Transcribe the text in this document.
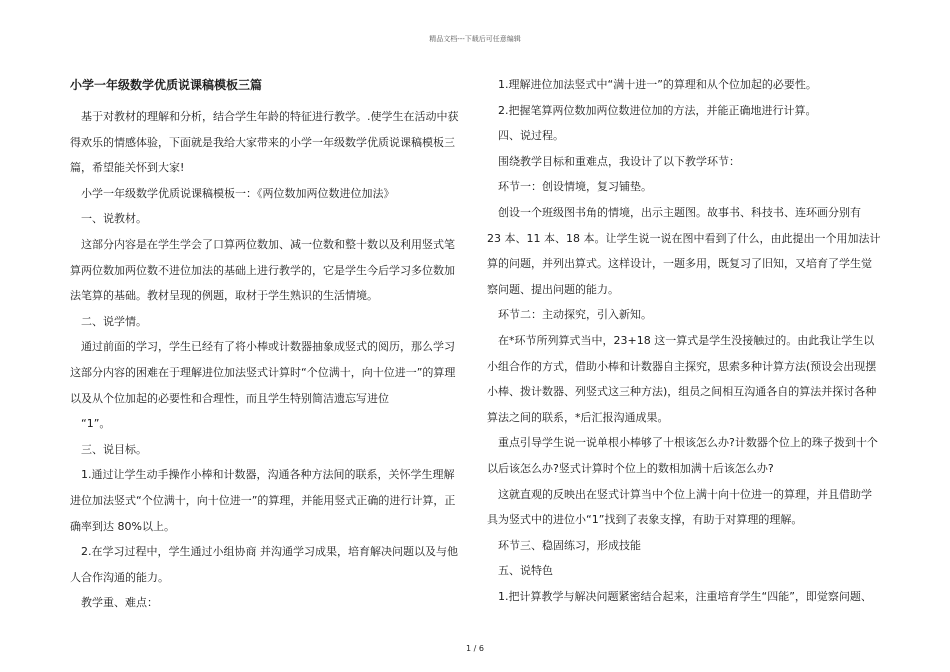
精品文档---下载后可任意编辑
小学一年级数学优质说课稿模板三篇

基于对教材的理解和分析，结合学生年龄的特征进行教学。.使学生在活动中获得欢乐的情感体验，下面就是我给大家带来的小学一年级数学优质说课稿模板三篇，希望能关怀到大家!

小学一年级数学优质说课稿模板一：《两位数加两位数进位加法》

一、说教材。

这部分内容是在学生学会了口算两位数加、减一位数和整十数以及利用竖式笔算两位数加两位数不进位加法的基础上进行教学的，它是学生今后学习多位数加法笔算的基础。教材呈现的例题，取材于学生熟识的生活情境。

二、说学情。

通过前面的学习，学生已经有了将小棒或计数器抽象成竖式的阅历，那么学习这部分内容的困难在于理解进位加法竖式计算时“个位满十，向十位进一”的算理以及从个位加起的必要性和合理性，而且学生特别简洁遗忘写进位

“1”。

三、说目标。

1.通过让学生动手操作小棒和计数器，沟通各种方法间的联系，关怀学生理解进位加法竖式“个位满十，向十位进一”的算理，并能用竖式正确的进行计算，正确率到达 80%以上。

2.在学习过程中，学生通过小组协商 并沟通学习成果，培育解决问题以及与他人合作沟通的能力。

教学重、难点：

1.理解进位加法竖式中“满十进一”的算理和从个位加起的必要性。

2.把握笔算两位数加两位数进位加的方法，并能正确地进行计算。

四、说过程。

围绕教学目标和重难点，我设计了以下教学环节：

环节一：创设情境，复习铺垫。

创设一个班级图书角的情境，出示主题图。故事书、科技书、连环画分别有

23 本、11 本、18 本。让学生说一说在图中看到了什么，由此提出一个用加法计算的问题，并列出算式。这样设计，一题多用，既复习了旧知，又培育了学生觉察问题、提出问题的能力。

环节二：主动探究，引入新知。

在*环节所列算式当中，23+18 这一算式是学生没接触过的。由此我让学生以小组合作的方式，借助小棒和计数器自主探究，思索多种计算方法(预设会出现摆小棒、拨计数器、列竖式这三种方法)，组员之间相互沟通各自的算法并探讨各种算法之间的联系，*后汇报沟通成果。

重点引导学生说一说单根小棒够了十根该怎么办?计数器个位上的珠子拨到十个以后该怎么办?竖式计算时个位上的数相加满十后该怎么办?

这就直观的反映出在竖式计算当中个位上满十向十位进一的算理，并且借助学具为竖式中的进位小“1”找到了表象支撑，有助于对算理的理解。

环节三、稳固练习，形成技能

五、说特色

1.把计算教学与解决问题紧密结合起来，注重培育学生“四能”，即觉察问题、

1 / 6
